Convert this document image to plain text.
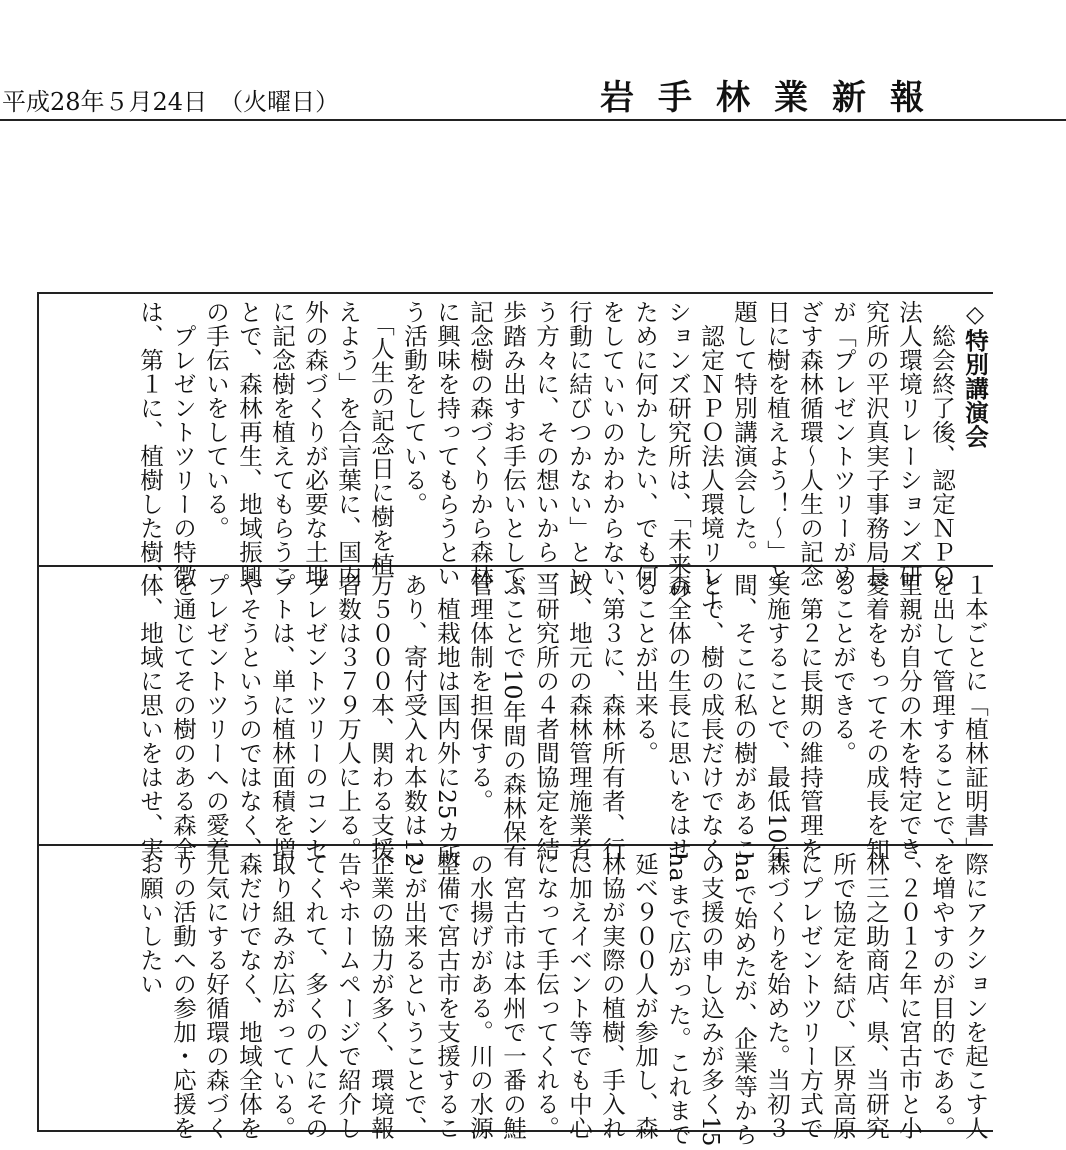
平成28年５月24日　（火曜日）	岩手林業新報
◇特別講演会
　総会終了後、認定ＮＰＯ
法人環境リレーションズ研
究所の平沢真実子事務局長
が「プレゼントツリーがめ
ざす森林循環～人生の記念
日に樹を植えよう！～」と
題して特別講演会した。
　認定ＮＰＯ法人環境リレー
ションズ研究所は、「未来の
ために何かしたい、でも何
をしていいのかわからない、
行動に結びつかない」とい
う方々に、その想いから一
歩踏み出すお手伝いとして、
記念樹の森づくりから森林
に興味を持ってもらうとい
う活動をしている。
　「人生の記念日に樹を植
えよう」を合言葉に、国内
外の森づくりが必要な土地
に記念樹を植えてもらうこ
とで、森林再生、地域振興
の手伝いをしている。
　プレゼントツリーの特徴
は、第１に、植樹した樹、
１本ごとに「植林証明書」
を出して管理することで、
里親が自分の木を特定でき、
愛着をもってその成長を知
ることができる。
　第２に長期の維持管理を
実施することで、最低10年
間、そこに私の樹があるこ
とで、樹の成長だけでなく、
森全体の生長に思いをはせ
ることが出来る。
　第３に、森林所有者、行
政、地元の森林管理施業者、
当研究所の４者間協定を結
ぶことで10年間の森林保有
管理体制を担保する。
　植栽地は国内外に25カ所
あり、寄付受入れ本数は12
万５０００本、関わる支援
者数は３７９万人に上る。
プレゼントツリーのコンセ
プトは、単に植林面積を増
やそうというのではなく、
プレゼントツリーへの愛着
を通じてその樹のある森全
体、地域に思いをはせ、実
際にアクションを起こす人
を増やすのが目的である。
　２０１２年に宮古市と小
林三之助商店、県、当研究
所で協定を結び、区界高原
にプレゼントツリー方式で
森づくりを始めた。当初３
haで始めたが、企業等から
の支援の申し込みが多く15
haまで広がった。これまで
延べ９００人が参加し、森
林協が実際の植樹、手入れ
に加えイベント等でも中心
になって手伝ってくれる。
　宮古市は本州で一番の鮭
の水揚げがある。川の水源
整備で宮古市を支援するこ
とが出来るということで、
企業の協力が多く、環境報
告やホームページで紹介し
てくれて、多くの人にその
取り組みが広がっている。
森だけでなく、地域全体を
元気にする好循環の森づく
りの活動への参加・応援を
お願いしたい
